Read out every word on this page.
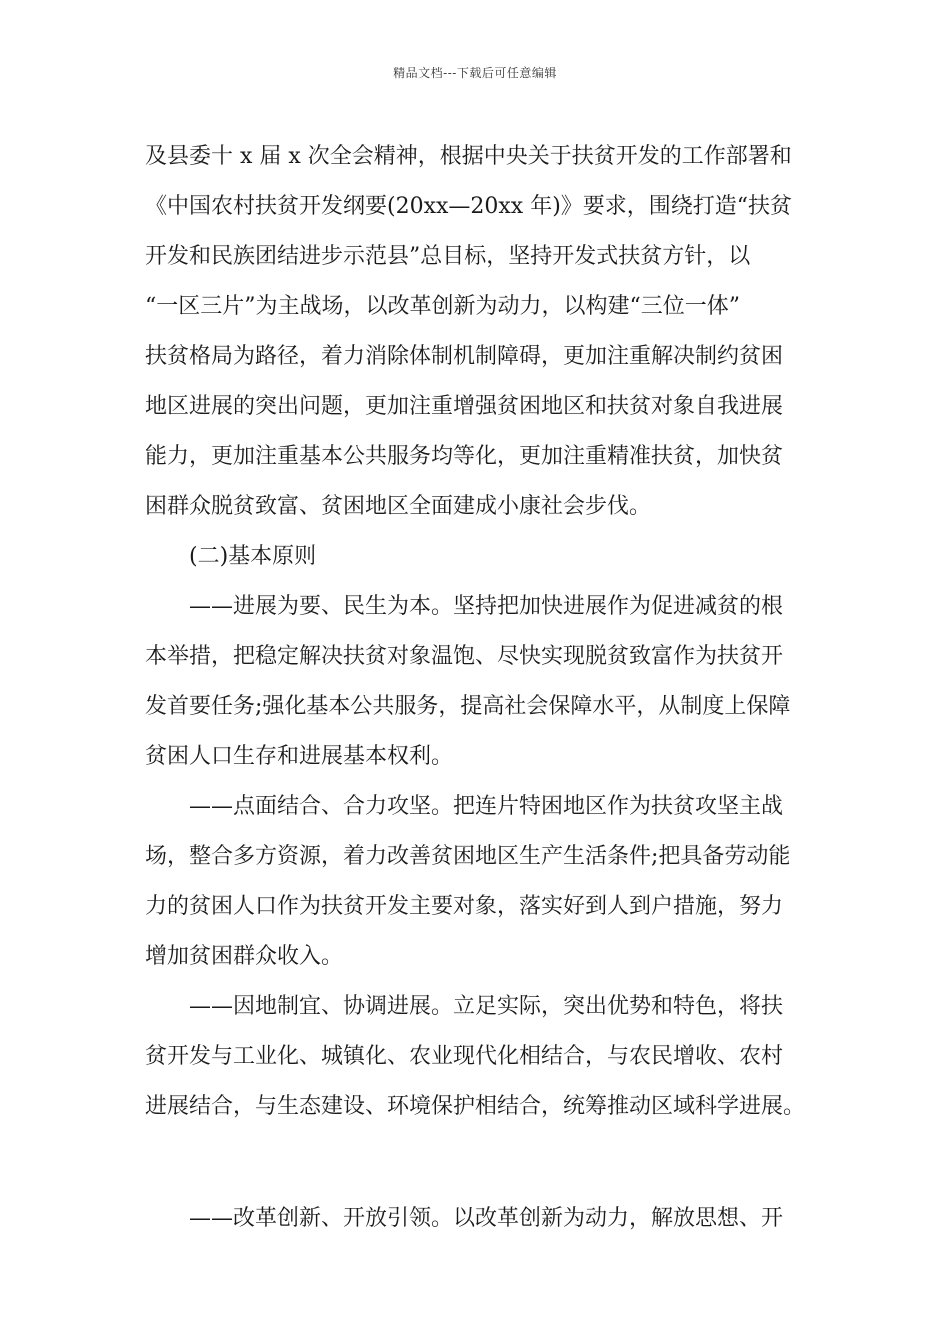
精品文档---下载后可任意编辑
及县委十 x 届 x 次全会精神，根据中央关于扶贫开发的工作部署和
《中国农村扶贫开发纲要(20xx—20xx 年)》要求，围绕打造“扶贫
开发和民族团结进步示范县”总目标，坚持开发式扶贫方针，以
“一区三片”为主战场，以改革创新为动力，以构建“三位一体”
扶贫格局为路径，着力消除体制机制障碍，更加注重解决制约贫困
地区进展的突出问题，更加注重增强贫困地区和扶贫对象自我进展
能力，更加注重基本公共服务均等化，更加注重精准扶贫，加快贫
困群众脱贫致富、贫困地区全面建成小康社会步伐。
(二)基本原则
——进展为要、民生为本。坚持把加快进展作为促进减贫的根
本举措，把稳定解决扶贫对象温饱、尽快实现脱贫致富作为扶贫开
发首要任务;强化基本公共服务，提高社会保障水平，从制度上保障
贫困人口生存和进展基本权利。
——点面结合、合力攻坚。把连片特困地区作为扶贫攻坚主战
场，整合多方资源，着力改善贫困地区生产生活条件;把具备劳动能
力的贫困人口作为扶贫开发主要对象，落实好到人到户措施，努力
增加贫困群众收入。
——因地制宜、协调进展。立足实际，突出优势和特色，将扶
贫开发与工业化、城镇化、农业现代化相结合，与农民增收、农村
进展结合，与生态建设、环境保护相结合，统筹推动区域科学进展。
——改革创新、开放引领。以改革创新为动力，解放思想、开
